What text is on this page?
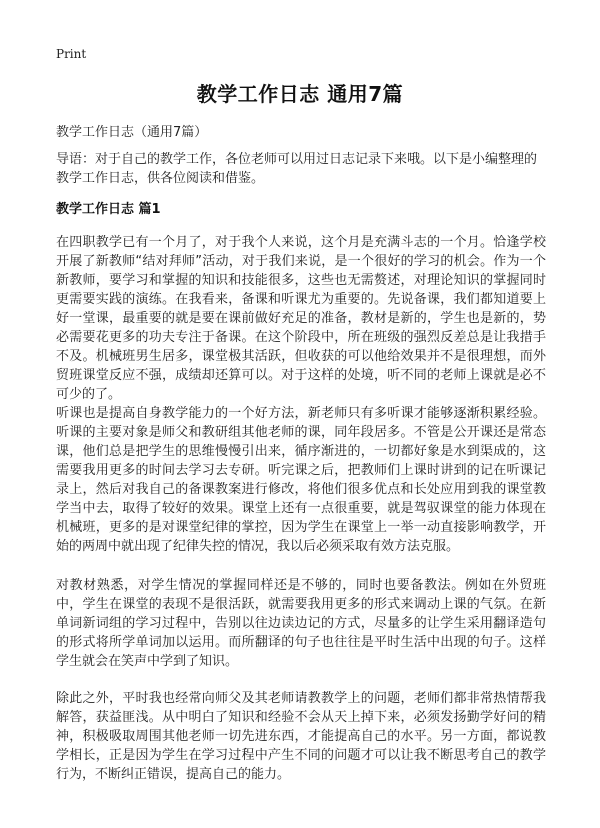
Print
教学工作日志 通用7篇
教学工作日志（通用7篇）

导语：对于自己的教学工作，各位老师可以用过日志记录下来哦。以下是小编整理的教学工作日志，供各位阅读和借鉴。

教学工作日志 篇1

在四职教学已有一个月了，对于我个人来说，这个月是充满斗志的一个月。恰逢学校开展了新教师“结对拜师”活动，对于我们来说，是一个很好的学习的机会。作为一个新教师，要学习和掌握的知识和技能很多，这些也无需赘述，对理论知识的掌握同时更需要实践的演练。在我看来，备课和听课尤为重要的。先说备课，我们都知道要上好一堂课，最重要的就是要在课前做好充足的准备，教材是新的，学生也是新的，势必需要花更多的功夫专注于备课。在这个阶段中，所在班级的强烈反差总是让我措手不及。机械班男生居多，课堂极其活跃，但收获的可以他给效果并不是很理想，而外贸班课堂反应不强，成绩却还算可以。对于这样的处境，听不同的老师上课就是必不可少的了。

听课也是提高自身教学能力的一个好方法，新老师只有多听课才能够逐渐积累经验。听课的主要对象是师父和教研组其他老师的课，同年段居多。不管是公开课还是常态课，他们总是把学生的思维慢慢引出来，循序渐进的，一切都好象是水到渠成的，这需要我用更多的时间去学习去专研。听完课之后，把教师们上课时讲到的记在听课记录上，然后对我自己的备课教案进行修改，将他们很多优点和长处应用到我的课堂教学当中去，取得了较好的效果。课堂上还有一点很重要，就是驾驭课堂的能力体现在机械班，更多的是对课堂纪律的掌控，因为学生在课堂上一举一动直接影响教学，开始的两周中就出现了纪律失控的情况，我以后必须采取有效方法克服。

对教材熟悉，对学生情况的掌握同样还是不够的，同时也要备教法。例如在外贸班中，学生在课堂的表现不是很活跃，就需要我用更多的形式来调动上课的气氛。在新单词新词组的学习过程中，告别以往边读边记的方式，尽量多的让学生采用翻译造句的形式将所学单词加以运用。而所翻译的句子也往往是平时生活中出现的句子。这样学生就会在笑声中学到了知识。

除此之外，平时我也经常向师父及其老师请教教学上的问题，老师们都非常热情帮我解答，获益匪浅。从中明白了知识和经验不会从天上掉下来，必须发扬勤学好问的精神，积极吸取周围其他老师一切先进东西，才能提高自己的水平。另一方面，都说教学相长，正是因为学生在学习过程中产生不同的问题才可以让我不断思考自己的教学行为，不断纠正错误，提高自己的能力。
